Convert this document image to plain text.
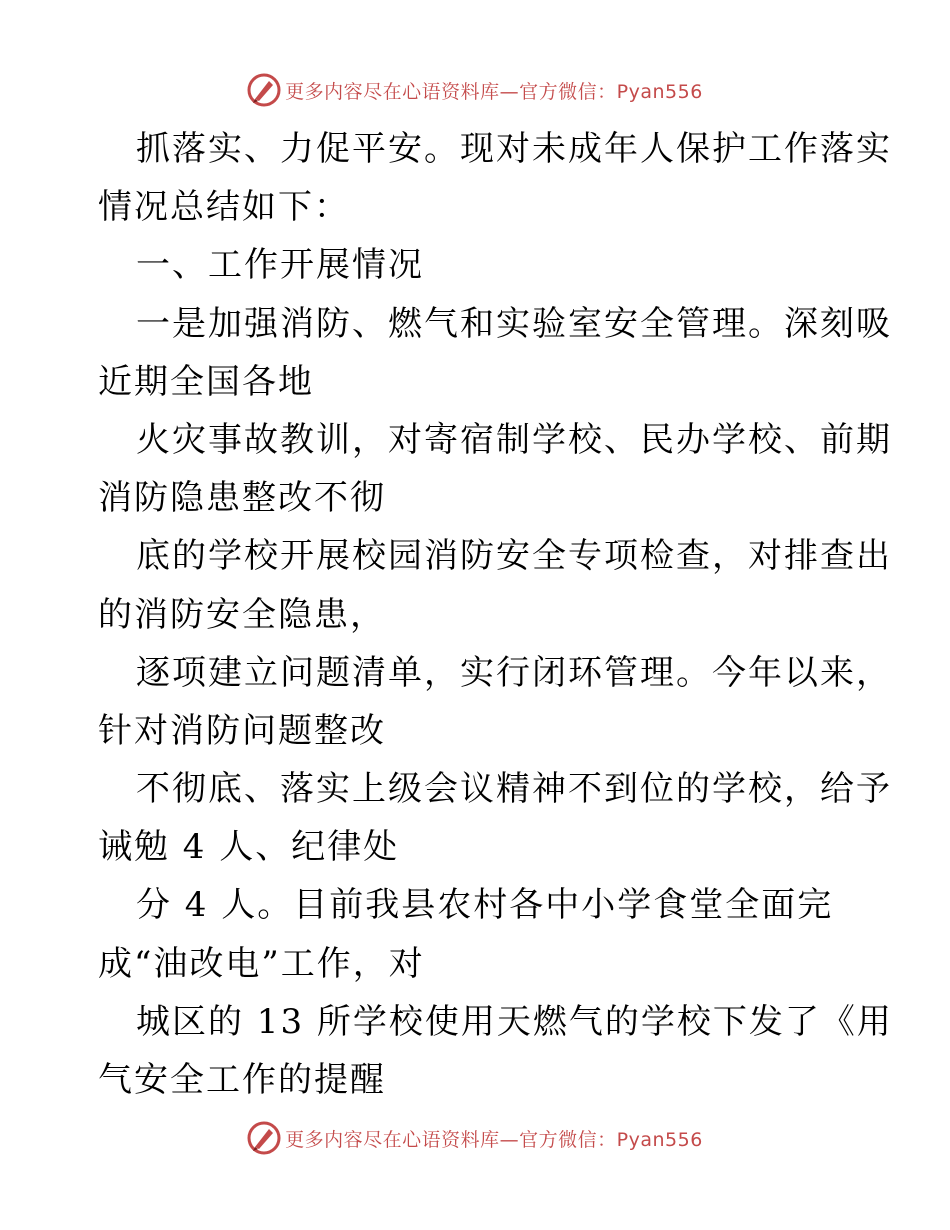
更多内容尽在心语资料库—官方微信：Pyan556
抓落实、力促平安。现对未成年人保护工作落实
情况总结如下：
一、工作开展情况
一是加强消防、燃气和实验室安全管理。深刻吸
近期全国各地
火灾事故教训，对寄宿制学校、民办学校、前期
消防隐患整改不彻
底的学校开展校园消防安全专项检查，对排查出
的消防安全隐患，
逐项建立问题清单，实行闭环管理。今年以来，
针对消防问题整改
不彻底、落实上级会议精神不到位的学校，给予
诫勉 4 人、纪律处
分 4 人。目前我县农村各中小学食堂全面完
成“油改电”工作，对
城区的 13 所学校使用天燃气的学校下发了《用
气安全工作的提醒
更多内容尽在心语资料库—官方微信：Pyan556
